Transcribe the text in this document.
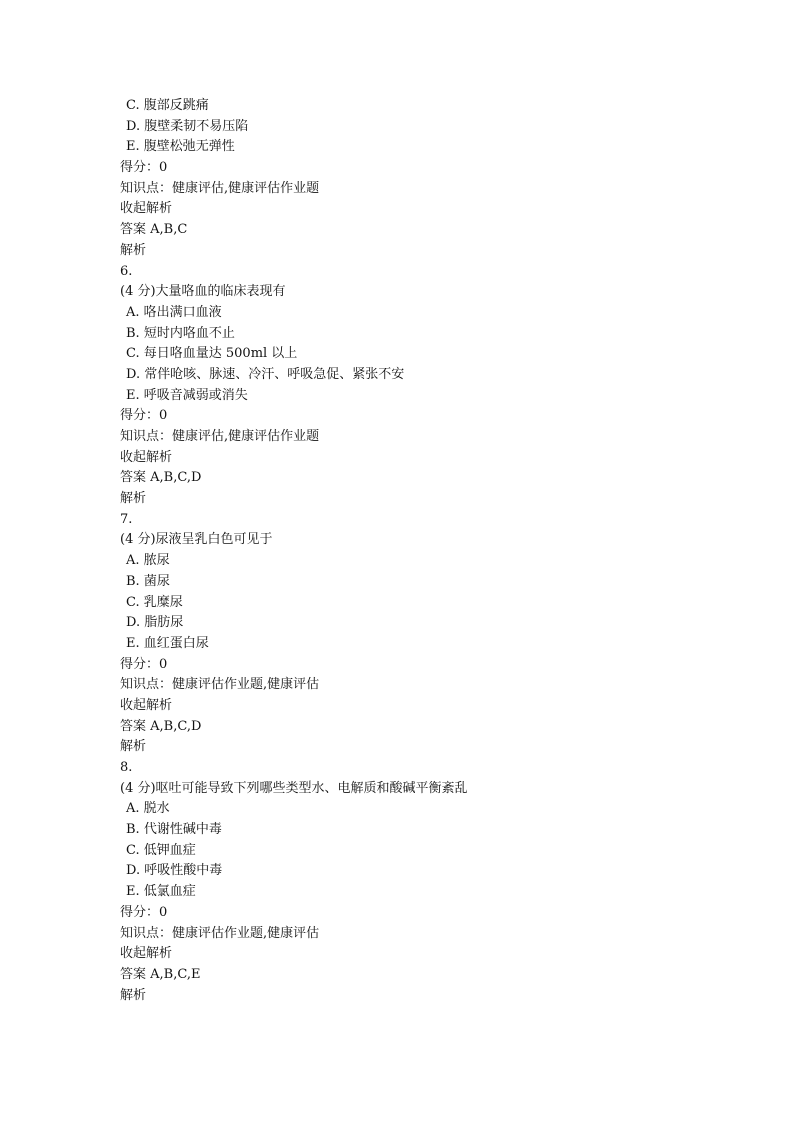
C. 腹部反跳痛
D. 腹壁柔韧不易压陷
E. 腹壁松弛无弹性
得分：0
知识点：健康评估,健康评估作业题
收起解析
答案 A,B,C
解析
6.
(4 分)大量咯血的临床表现有
A. 咯出满口血液
B. 短时内咯血不止
C. 每日咯血量达 500ml 以上
D. 常伴呛咳、脉速、冷汗、呼吸急促、紧张不安
E. 呼吸音减弱或消失
得分：0
知识点：健康评估,健康评估作业题
收起解析
答案 A,B,C,D
解析
7.
(4 分)尿液呈乳白色可见于
A. 脓尿
B. 菌尿
C. 乳糜尿
D. 脂肪尿
E. 血红蛋白尿
得分：0
知识点：健康评估作业题,健康评估
收起解析
答案 A,B,C,D
解析
8.
(4 分)呕吐可能导致下列哪些类型水、电解质和酸碱平衡紊乱
A. 脱水
B. 代谢性碱中毒
C. 低钾血症
D. 呼吸性酸中毒
E. 低氯血症
得分：0
知识点：健康评估作业题,健康评估
收起解析
答案 A,B,C,E
解析
